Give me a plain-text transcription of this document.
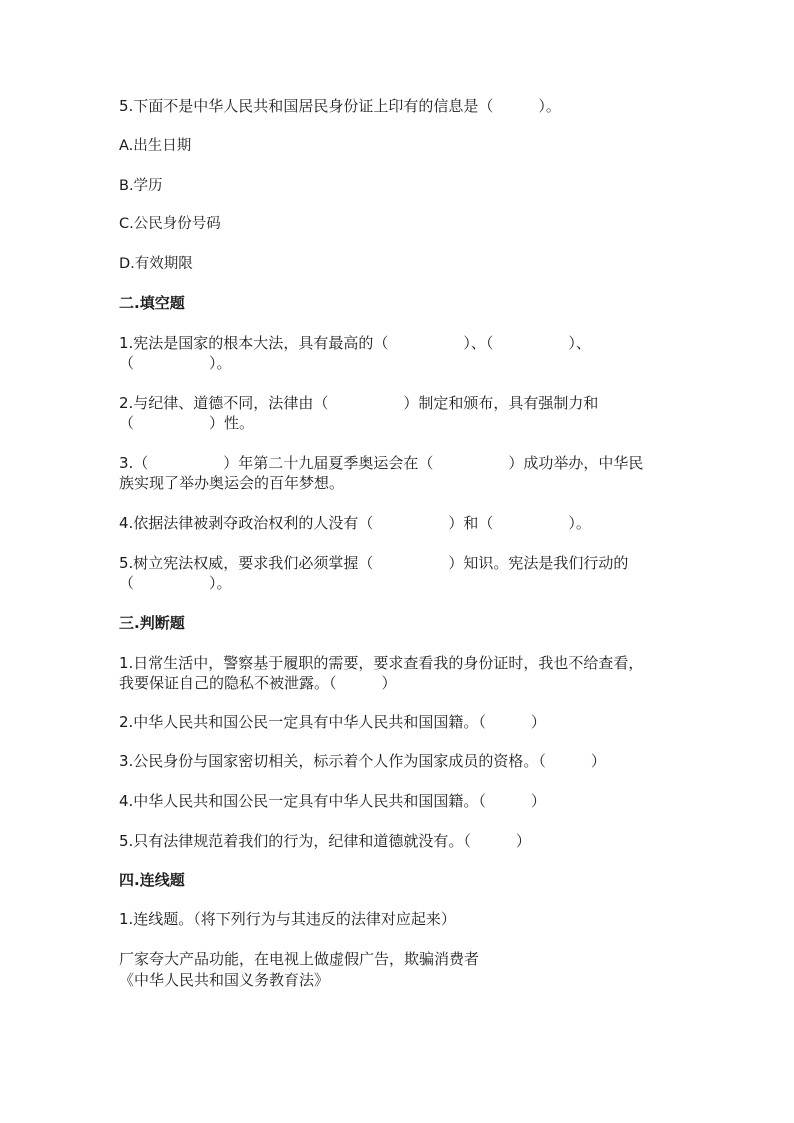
5.下面不是中华人民共和国居民身份证上印有的信息是（　　　）。
A.出生日期
B.学历
C.公民身份号码
D.有效期限
二.填空题
1.宪法是国家的根本大法，具有最高的（　　　　　）、（　　　　　）、
（　　　　　）。
2.与纪律、道德不同，法律由（　　　　　）制定和颁布，具有强制力和
（　　　　　）性。
3.（　　　　　）年第二十九届夏季奥运会在（　　　　　）成功举办，中华民
族实现了举办奥运会的百年梦想。
4.依据法律被剥夺政治权利的人没有（　　　　　）和（　　　　　）。
5.树立宪法权威，要求我们必须掌握（　　　　　）知识。宪法是我们行动的
（　　　　　）。
三.判断题
1.日常生活中，警察基于履职的需要，要求查看我的身份证时，我也不给查看，
我要保证自己的隐私不被泄露。（　　　）
2.中华人民共和国公民一定具有中华人民共和国国籍。（　　　）
3.公民身份与国家密切相关，标示着个人作为国家成员的资格。（　　　）
4.中华人民共和国公民一定具有中华人民共和国国籍。（　　　）
5.只有法律规范着我们的行为，纪律和道德就没有。（　　　）
四.连线题
1.连线题。（将下列行为与其违反的法律对应起来）
厂家夸大产品功能，在电视上做虚假广告，欺骗消费者
《中华人民共和国义务教育法》
